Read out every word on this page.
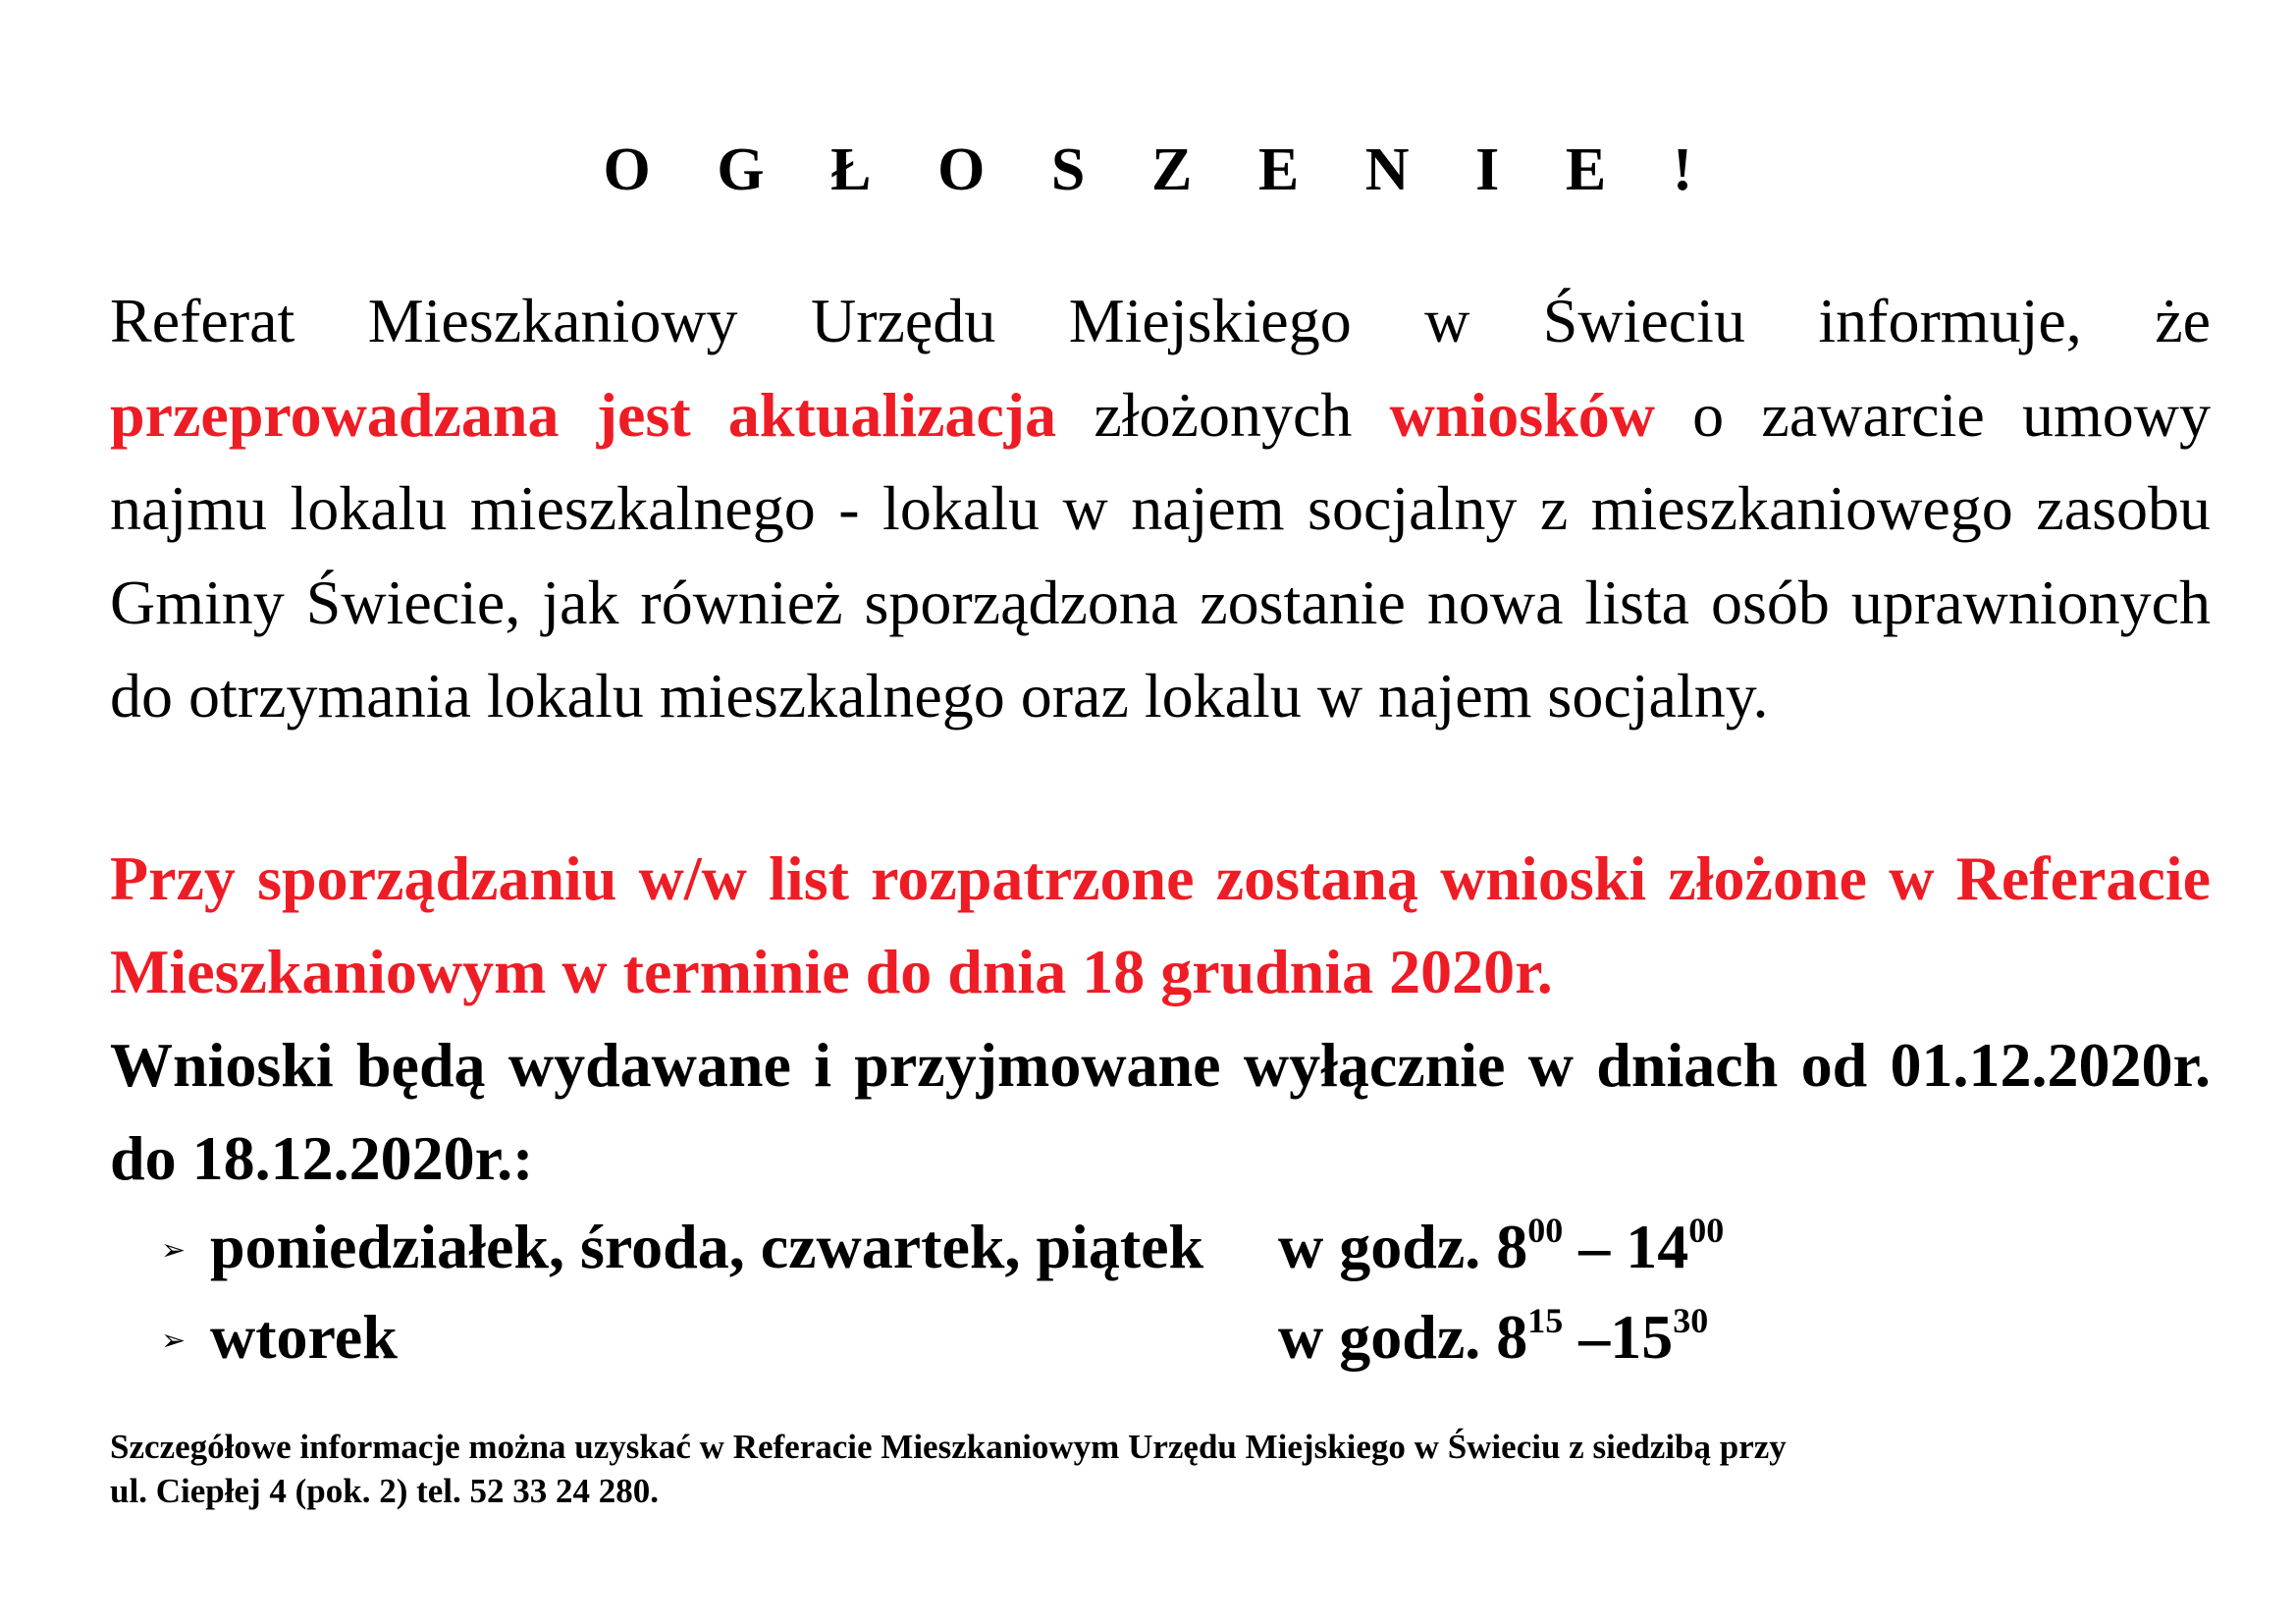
O G Ł O S Z E N I E !
Referat Mieszkaniowy Urzędu Miejskiego w Świeciu informuje, że przeprowadzana jest aktualizacja złożonych wniosków o zawarcie umowy najmu lokalu mieszkalnego - lokalu w najem socjalny z mieszkaniowego zasobu Gminy Świecie, jak również sporządzona zostanie nowa lista osób uprawnionych do otrzymania lokalu mieszkalnego oraz lokalu w najem socjalny.
Przy sporządzaniu w/w list rozpatrzone zostaną wnioski złożone w Referacie Mieszkaniowym w terminie do dnia 18 grudnia 2020r.
Wnioski będą wydawane i przyjmowane wyłącznie w dniach od 01.12.2020r. do 18.12.2020r.:
➢ poniedziałek, środa, czwartek, piątek w godz. $8^{00} - 14^{00}$
➢ wtorek	w godz. $8^{15}$ $-15^{30}$
Szczegółowe informacje można uzyskać w Referacie Mieszkaniowym Urzędu Miejskiego w Świeciu z siedzibą przy
ul. Ciepłej 4 (pok. 2) tel. 52 33 24 280.
